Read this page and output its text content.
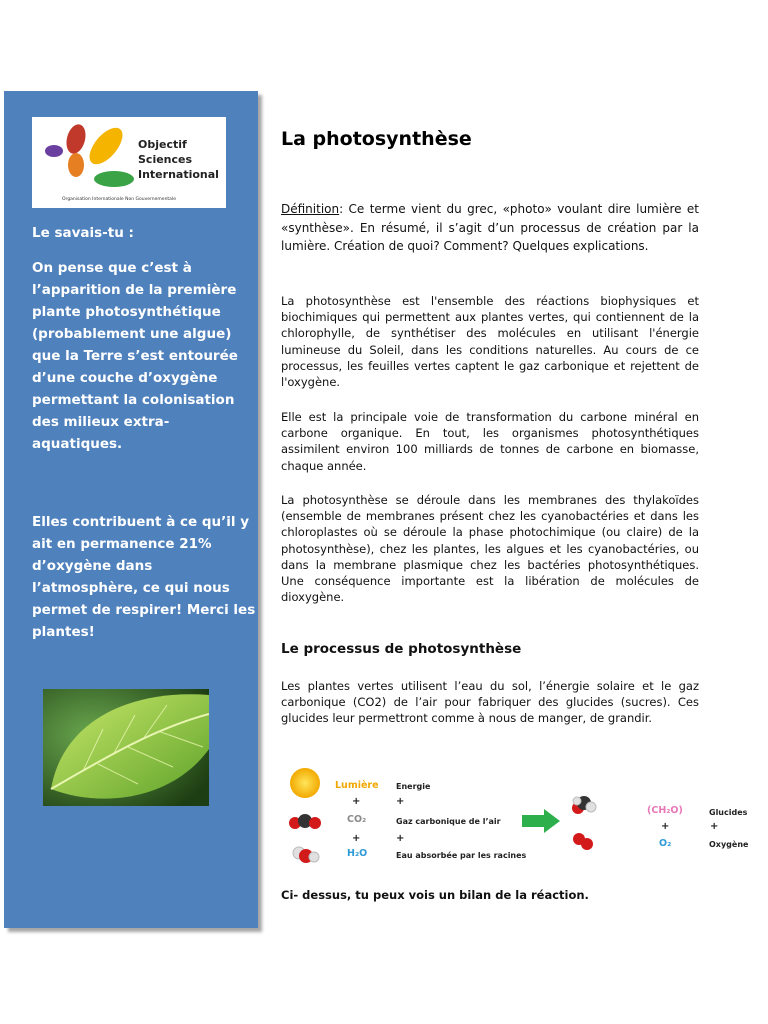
Objectif
Sciences
International
Organisation Internationale Non Gouvernementale
Le savais-tu :

On pense que c’est à l’apparition de la première plante photosynthétique (probablement une algue) que la Terre s’est entourée d’une couche d’oxygène permettant la colonisation des milieux extra-aquatiques.

Elles contribuent à ce qu’il y ait en permanence 21% d’oxygène dans l’atmosphère, ce qui nous permet de respirer! Merci les plantes!

La photosynthèse

Définition: Ce terme vient du grec, «photo» voulant dire lumière et «synthèse». En résumé, il s’agit d’un processus de création par la lumière. Création de quoi? Comment? Quelques explications.

La photosynthèse est l'ensemble des réactions biophysiques et biochimiques qui permettent aux plantes vertes, qui contiennent de la chlorophylle, de synthétiser des molécules en utilisant l'énergie lumineuse du Soleil, dans les conditions naturelles. Au cours de ce processus, les feuilles vertes captent le gaz carbonique et rejettent de l'oxygène.

Elle est la principale voie de transformation du carbone minéral en carbone organique. En tout, les organismes photosynthétiques assimilent environ 100 milliards de tonnes de carbone en biomasse, chaque année.

La photosynthèse se déroule dans les membranes des thylakoïdes (ensemble de membranes présent chez les cyanobactéries et dans les chloroplastes où se déroule la phase photochimique (ou claire) de la photosynthèse), chez les plantes, les algues et les cyanobactéries, ou dans la membrane plasmique chez les bactéries photosynthétiques. Une conséquence importante est la libération de molécules de dioxygène.

Le processus de photosynthèse

Les plantes vertes utilisent l’eau du sol, l’énergie solaire et le gaz carbonique (CO2) de l’air pour fabriquer des glucides (sucres). Ces glucides leur permettront comme à nous de manger, de grandir.

Lumière Energie
+	+
CO₂	Gaz carbonique de l’air
+	+
H₂O	Eau absorbée par les racines
(CH₂O)	Glucides
+	+
O₂	Oxygène
Ci- dessus, tu peux vois un bilan de la réaction.
